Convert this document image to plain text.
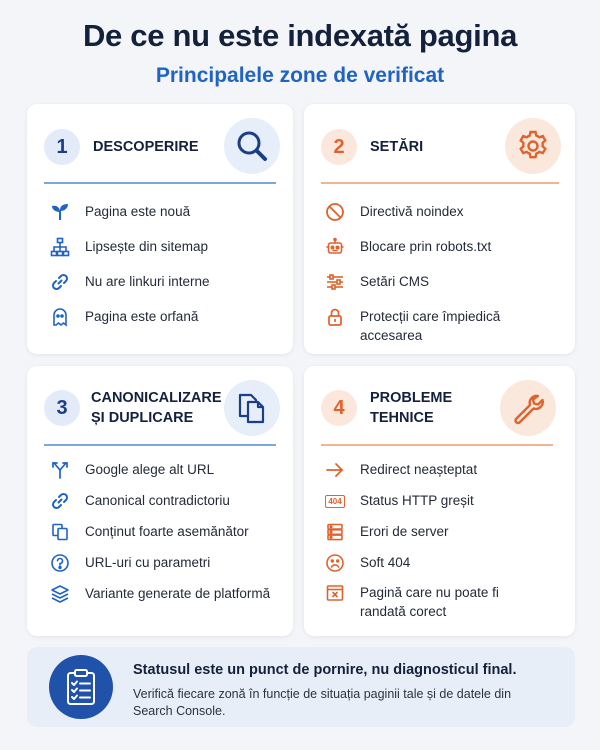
De ce nu este indexată pagina
Principalele zone de verificat
1	DESCOPERIRE
Pagina este nouă
Lipsește din sitemap
Nu are linkuri interne
Pagina este orfană
2	SETĂRI
Directivă noindex
Blocare prin robots.txt
Setări CMS
Protecții care împiedică accesarea
3	CANONICALIZARE
ȘI DUPLICARE
Google alege alt URL
Canonical contradictoriu
Conținut foarte asemănător
URL-uri cu parametri
Variante generate de platformă
4	PROBLEME
TEHNICE
Redirect neașteptat
404 Status HTTP greșit
Erori de server
Soft 404
Pagină care nu poate fi randată corect
Statusul este un punct de pornire, nu diagnosticul final.
Verifică fiecare zonă în funcție de situația paginii tale și de datele din Search Console.
